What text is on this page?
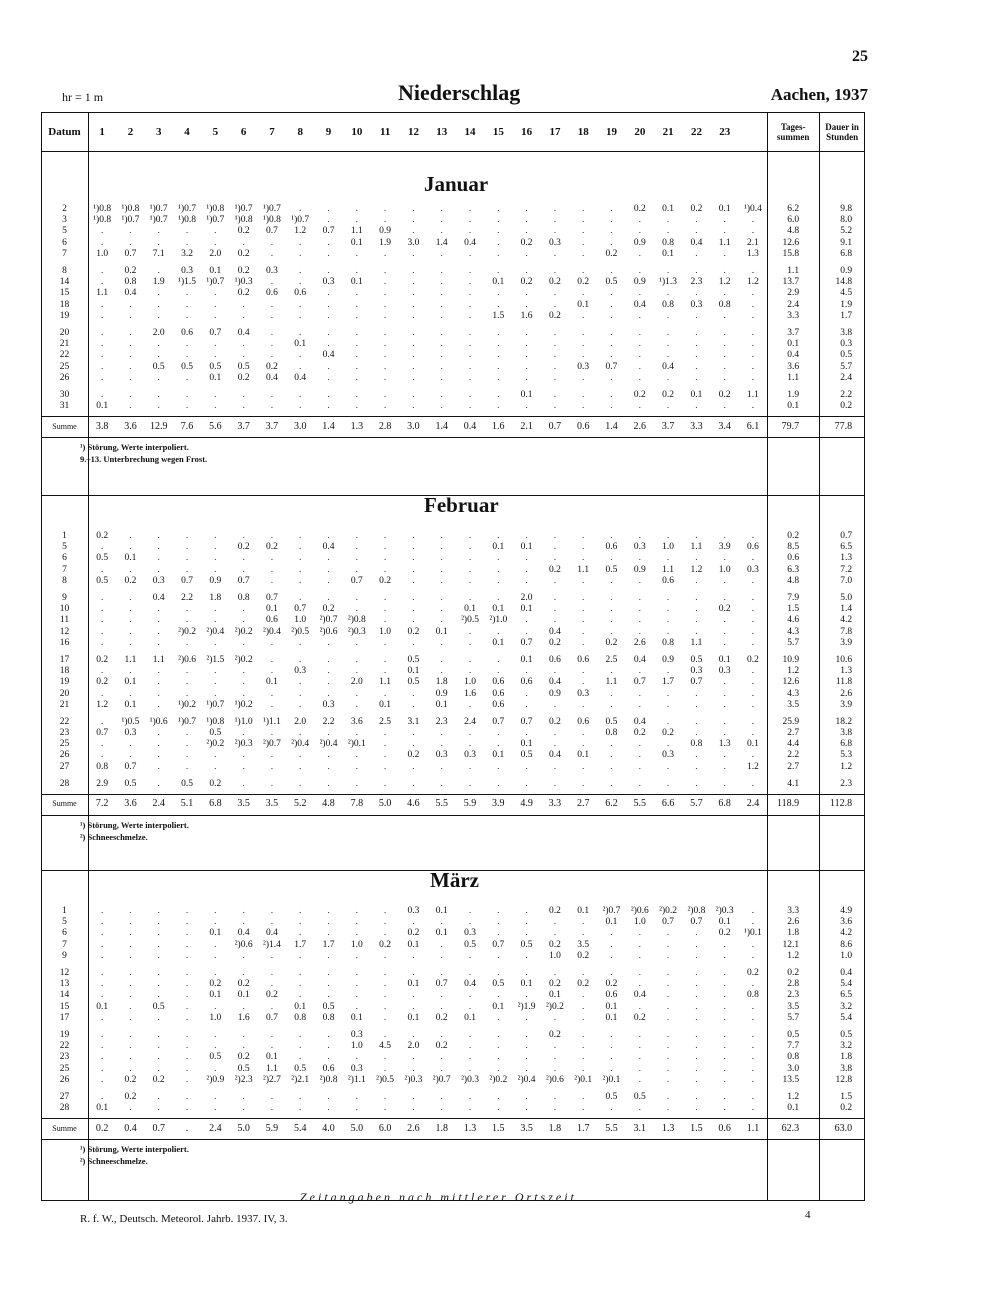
25
hr = 1 m	Niederschlag	Aachen, 1937
Datum	1	2	3	4	5	6	7	8	9	10	11	12	13	14	15	16	17	18	19	20	21	22	23	Tages-summen
Dauer in Stunden
Januar
2	¹)0.8	¹)0.8	¹)0.7	¹)0.7	¹)0.8	¹)0.7	¹)0.7	.	.	.	.	.	.	.	.	.	.	.	.	0.2	0.1	0.2	0.1	¹)0.4	6.2	9.8
3	¹)0.8	¹)0.7	¹)0.7	¹)0.8	¹)0.7	¹)0.8	¹)0.8	¹)0.7	.	.	.	.	.	.	.	.	.	.	.	.	.	.	.	.	6.0	8.0
5	.	.	.	.	.	0.2	0.7	1.2	0.7	1.1	0.9	.	.	.	.	.	.	.	.	.	.	.	.	.	4.8	5.2
6	.	.	.	.	.	.	.	.	.	0.1	1.9	3.0	1.4	0.4	.	0.2	0.3	.	.	0.9	0.8	0.4	1.1	2.1	12.6	9.1
7	1.0	0.7	7.1	3.2	2.0	0.2	.	.	.	.	.	.	.	.	.	.	.	.	0.2	.	0.1	.	.	1.3	15.8	6.8

8	.	0.2	.	0.3	0.1	0.2	0.3	.	.	.	.	.	.	.	.	.	.	.	.	.	.	.	.	.	1.1	0.9
14	.	0.8	1.9	¹)1.5	¹)0.7	¹)0.3	.	.	0.3	0.1	.	.	.	.	0.1	0.2	0.2	0.2	0.5	0.9	¹)1.3	2.3	1.2	1.2	13.7	14.8
15	1.1	0.4	.	.	.	0.2	0.6	0.6	.	.	.	.	.	.	.	.	.	.	.	.	.	.	.	.	2.9	4.5
18	.	.	.	.	.	.	.	.	.	.	.	.	.	.	.	.	.	0.1	.	0.4	0.8	0.3	0.8	.	2.4	1.9
19	.	.	.	.	.	.	.	.	.	.	.	.	.	.	1.5	1.6	0.2	.	.	.	.	.	.	.	3.3	1.7

20	.	.	2.0	0.6	0.7	0.4	.	.	.	.	.	.	.	.	.	.	.	.	.	.	.	.	.	.	3.7	3.8
21	.	.	.	.	.	.	.	0.1	.	.	.	.	.	.	.	.	.	.	.	.	.	.	.	.	0.1	0.3
22	.	.	.	.	.	.	.	.	0.4	.	.	.	.	.	.	.	.	.	.	.	.	.	.	.	0.4	0.5
25	.	.	0.5	0.5	0.5	0.5	0.2	.	.	.	.	.	.	.	.	.	.	0.3	0.7	.	0.4	.	.	.	3.6	5.7
26	.	.	.	.	0.1	0.2	0.4	0.4	.	.	.	.	.	.	.	.	.	.	.	.	.	.	.	.	1.1	2.4

30	.	.	.	.	.	.	.	.	.	.	.	.	.	.	.	0.1	.	.	.	0.2	0.2	0.1	0.2	1.1	1.9	2.2
31	0.1	.	.	.	.	.	.	.	.	.	.	.	.	.	.	.	.	.	.	.	.	.	.	.	0.1	0.2
Summe	3.8	3.6	12.9	7.6	5.6	3.7	3.7	3.0	1.4	1.3	2.8	3.0	1.4	0.4	1.6	2.1	0.7	0.6	1.4	2.6	3.7	3.3	3.4	6.1	79.7	77.8
¹) Störung, Werte interpoliert.
9.–13. Unterbrechung wegen Frost.
Februar
1	0.2	.	.	.	.	.	.	.	.	.	.	.	.	.	.	.	.	.	.	.	.	.	.	.	0.2	0.7
5	.	.	.	.	.	0.2	0.2	.	0.4	.	.	.	.	.	0.1	0.1	.	.	0.6	0.3	1.0	1.1	3.9	0.6	8.5	6.5
6	0.5	0.1	.	.	.	.	.	.	.	.	.	.	.	.	.	.	.	.	.	.	.	.	.	.	0.6	1.3
7	.	.	.	.	.	.	.	.	.	.	.	.	.	.	.	.	0.2	1.1	0.5	0.9	1.1	1.2	1.0	0.3	6.3	7.2
8	0.5	0.2	0.3	0.7	0.9	0.7	.	.	.	0.7	0.2	.	.	.	.	.	.	.	.	.	0.6	.	.	.	4.8	7.0

9	.	.	0.4	2.2	1.8	0.8	0.7	.	.	.	.	.	.	.	.	2.0	.	.	.	.	.	.	.	.	7.9	5.0
10	.	.	.	.	.	.	0.1	0.7	0.2	.	.	.	.	0.1	0.1	0.1	.	.	.	.	.	.	0.2	.	1.5	1.4
11	.	.	.	.	.	.	0.6	1.0	²)0.7	²)0.8	.	.	.	²)0.5	²)1.0	.	.	.	.	.	.	.	.	.	4.6	4.2
12	.	.	.	²)0.2	²)0.4	²)0.2	²)0.4	²)0.5	²)0.6	²)0.3	1.0	0.2	0.1	.	.	.	0.4	.	.	.	.	.	.	.	4.3	7.8
16	.	.	.	.	.	.	.	.	.	.	.	.	.	.	0.1	0.7	0.2	.	0.2	2.6	0.8	1.1	.	.	5.7	3.9

17	0.2	1.1	1.1	²)0.6	²)1.5	²)0.2	.	.	.	.	.	0.5	.	.	.	0.1	0.6	0.6	2.5	0.4	0.9	0.5	0.1	0.2	10.9	10.6
18	.	.	.	.	.	.	.	0.3	.	.	.	0.1	.	.	.	.	.	.	.	.	.	0.3	0.3	.	1.2	1.3
19	0.2	0.1	.	.	.	.	0.1	.	.	2.0	1.1	0.5	1.8	1.0	0.6	0.6	0.4	.	1.1	0.7	1.7	0.7	.	.	12.6	11.8
20	.	.	.	.	.	.	.	.	.	.	.	.	0.9	1.6	0.6	.	0.9	0.3	.	.	.	.	.	.	4.3	2.6
21	1.2	0.1	.	¹)0.2	¹)0.7	¹)0.2	.	.	0.3	.	0.1	.	0.1	.	0.6	.	.	.	.	.	.	.	.	.	3.5	3.9

22	.	¹)0.5	¹)0.6	¹)0.7	¹)0.8	¹)1.0	¹)1.1	2.0	2.2	3.6	2.5	3.1	2.3	2.4	0.7	0.7	0.2	0.6	0.5	0.4	.	.	.	.	25.9	18.2
23	0.7	0.3	.	.	0.5	.	.	.	.	.	.	.	.	.	.	.	.	.	0.8	0.2	0.2	.	.	.	2.7	3.8
25	.	.	.	.	²)0.2	²)0.3	²)0.7	²)0.4	²)0.4	²)0.1	.	.	.	.	.	0.1	.	.	.	.	.	0.8	1.3	0.1	4.4	6.8
26	.	.	.	.	.	.	.	.	.	.	.	0.2	0.3	0.3	0.1	0.5	0.4	0.1	.	.	0.3	.	.	.	2.2	5.3
27	0.8	0.7	.	.	.	.	.	.	.	.	.	.	.	.	.	.	.	.	.	.	.	.	.	1.2	2.7	1.2

28	2.9	0.5	.	0.5	0.2	.	.	.	.	.	.	.	.	.	.	.	.	.	.	.	.	.	.	.	4.1	2.3
Summe	7.2	3.6	2.4	5.1	6.8	3.5	3.5	5.2	4.8	7.8	5.0	4.6	5.5	5.9	3.9	4.9	3.3	2.7	6.2	5.5	6.6	5.7	6.8	2.4	118.9	112.8
¹) Störung, Werte interpoliert.
²) Schneeschmelze.
März
1	.	.	.	.	.	.	.	.	.	.	.	0.3	0.1	.	.	.	0.2	0.1	²)0.7	²)0.6	²)0.2	²)0.8	²)0.3	.	3.3	4.9
5	.	.	.	.	.	.	.	.	.	.	.	.	.	.	.	.	.	.	0.1	1.0	0.7	0.7	0.1	.	2.6	3.6
6	.	.	.	.	0.1	0.4	0.4	.	.	.	.	0.2	0.1	0.3	.	.	.	.	.	.	.	.	0.2	¹)0.1	1.8	4.2
7	.	.	.	.	.	²)0.6	²)1.4	1.7	1.7	1.0	0.2	0.1	.	0.5	0.7	0.5	0.2	3.5	.	.	.	.	.	.	12.1	8.6
9	.	.	.	.	.	.	.	.	.	.	.	.	.	.	.	.	1.0	0.2	.	.	.	.	.	.	1.2	1.0

12	.	.	.	.	.	.	.	.	.	.	.	.	.	.	.	.	.	.	.	.	.	.	.	0.2	0.2	0.4
13	.	.	.	.	0.2	0.2	.	.	.	.	.	0.1	0.7	0.4	0.5	0.1	0.2	0.2	0.2	.	.	.	.	.	2.8	5.4
14	.	.	.	.	0.1	0.1	0.2	.	.	.	.	.	.	.	.	.	0.1	.	0.6	0.4	.	.	.	0.8	2.3	6.5
15	0.1	.	0.5	.	.	.	.	0.1	0.5	.	.	.	.	.	0.1	²)1.9	²)0.2	.	0.1	.	.	.	.	.	3.5	3.2
17	.	.	.	.	1.0	1.6	0.7	0.8	0.8	0.1	.	0.1	0.2	0.1	.	.	.	.	0.1	0.2	.	.	.	.	5.7	5.4

19	.	.	.	.	.	.	.	.	.	0.3	.	.	.	.	.	.	0.2	.	.	.	.	.	.	.	0.5	0.5
22	.	.	.	.	.	.	.	.	.	1.0	4.5	2.0	0.2	.	.	.	.	.	.	.	.	.	.	.	7.7	3.2
23	.	.	.	.	0.5	0.2	0.1	.	.	.	.	.	.	.	.	.	.	.	.	.	.	.	.	.	0.8	1.8
25	.	.	.	.	.	0.5	1.1	0.5	0.6	0.3	.	.	.	.	.	.	.	.	.	.	.	.	.	.	3.0	3.8
26	.	0.2	0.2	.	²)0.9	²)2.3	²)2.7	²)2.1	²)0.8	²)1.1	²)0.5	²)0.3	²)0.7	²)0.3	²)0.2	²)0.4	²)0.6	²)0.1	²)0.1	.	.	.	.	.	13.5	12.8

27	.	0.2	.	.	.	.	.	.	.	.	.	.	.	.	.	.	.	.	0.5	0.5	.	.	.	.	1.2	1.5
28	0.1	.	.	.	.	.	.	.	.	.	.	.	.	.	.	.	.	.	.	.	.	.	.	.	0.1	0.2
Summe	0.2	0.4	0.7	.	2.4	5.0	5.9	5.4	4.0	5.0	6.0	2.6	1.8	1.3	1.5	3.5	1.8	1.7	5.5	3.1	1.3	1.5	0.6	1.1	62.3	63.0
¹) Störung, Werte interpoliert.
²) Schneeschmelze.
Zeitangaben nach mittlerer Ortszeit
R. f. W., Deutsch. Meteorol. Jahrb. 1937. IV, 3.	4
